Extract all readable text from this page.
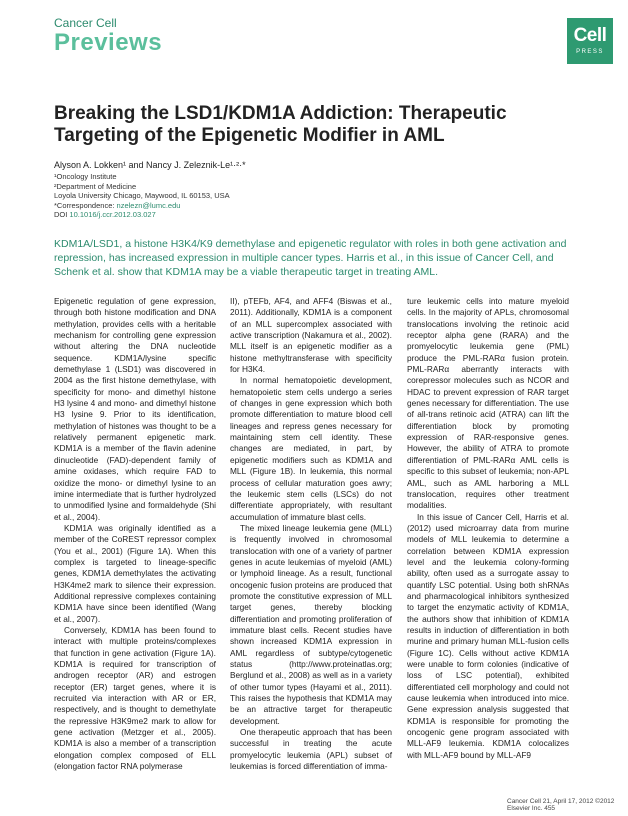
Cancer Cell
Previews	Cell
PRESS
Breaking the LSD1/KDM1A Addiction: Therapeutic Targeting of the Epigenetic Modifier in AML
Alyson A. Lokken¹ and Nancy J. Zeleznik-Le¹·²·*
¹Oncology Institute
²Department of Medicine
Loyola University Chicago, Maywood, IL 60153, USA
*Correspondence: nzelezn@lumc.edu
DOI 10.1016/j.ccr.2012.03.027

KDM1A/LSD1, a histone H3K4/K9 demethylase and epigenetic regulator with roles in both gene activation and repression, has increased expression in multiple cancer types. Harris et al., in this issue of Cancer Cell, and Schenk et al. show that KDM1A may be a viable therapeutic target in treating AML.

Epigenetic regulation of gene expression, through both histone modification and DNA methylation, provides cells with a heritable mechanism for controlling gene expression without altering the DNA nucleotide sequence. KDM1A/lysine specific demethylase 1 (LSD1) was discovered in 2004 as the first histone demethylase, with specificity for mono- and dimethyl histone H3 lysine 4 and mono- and dimethyl histone H3 lysine 9. Prior to its identification, methylation of histones was thought to be a relatively permanent epigenetic mark. KDM1A is a member of the flavin adenine dinucleotide (FAD)-dependent family of amine oxidases, which require FAD to oxidize the mono- or dimethyl lysine to an imine intermediate that is further hydrolyzed to unmodified lysine and formaldehyde (Shi et al., 2004).

KDM1A was originally identified as a member of the CoREST repressor complex (You et al., 2001) (Figure 1A). When this complex is targeted to lineage-specific genes, KDM1A demethylates the activating H3K4me2 mark to silence their expression. Additional repressive complexes containing KDM1A have since been identified (Wang et al., 2007).

Conversely, KDM1A has been found to interact with multiple proteins/complexes that function in gene activation (Figure 1A). KDM1A is required for transcription of androgen receptor (AR) and estrogen receptor (ER) target genes, where it is recruited via interaction with AR or ER, respectively, and is thought to demethylate the repressive H3K9me2 mark to allow for gene activation (Metzger et al., 2005). KDM1A is also a member of a transcription elongation complex composed of ELL (elongation factor RNA polymerase

II), pTEFb, AF4, and AFF4 (Biswas et al., 2011). Additionally, KDM1A is a component of an MLL supercomplex associated with active transcription (Nakamura et al., 2002). MLL itself is an epigenetic modifier as a histone methyltransferase with specificity for H3K4.

In normal hematopoietic development, hematopoietic stem cells undergo a series of changes in gene expression which both promote differentiation to mature blood cell lineages and repress genes necessary for maintaining stem cell identity. These changes are mediated, in part, by epigenetic modifiers such as KDM1A and MLL (Figure 1B). In leukemia, this normal process of cellular maturation goes awry; the leukemic stem cells (LSCs) do not differentiate appropriately, with resultant accumulation of immature blast cells.

The mixed lineage leukemia gene (MLL) is frequently involved in chromosomal translocation with one of a variety of partner genes in acute leukemias of myeloid (AML) or lymphoid lineage. As a result, functional oncogenic fusion proteins are produced that promote the constitutive expression of MLL target genes, thereby blocking differentiation and promoting proliferation of immature blast cells. Recent studies have shown increased KDM1A expression in AML regardless of subtype/cytogenetic status (http://www.proteinatlas.org; Berglund et al., 2008) as well as in a variety of other tumor types (Hayami et al., 2011). This raises the hypothesis that KDM1A may be an attractive target for therapeutic development.

One therapeutic approach that has been successful in treating the acute promyelocytic leukemia (APL) subset of leukemias is forced differentiation of imma-

ture leukemic cells into mature myeloid cells. In the majority of APLs, chromosomal translocations involving the retinoic acid receptor alpha gene (RARA) and the promyelocytic leukemia gene (PML) produce the PML-RARα fusion protein. PML-RARα aberrantly interacts with corepressor molecules such as NCOR and HDAC to prevent expression of RAR target genes necessary for differentiation. The use of all-trans retinoic acid (ATRA) can lift the differentiation block by promoting expression of RAR-responsive genes. However, the ability of ATRA to promote differentiation of PML-RARα AML cells is specific to this subset of leukemia; non-APL AML, such as AML harboring a MLL translocation, requires other treatment modalities.

In this issue of Cancer Cell, Harris et al. (2012) used microarray data from murine models of MLL leukemia to determine a correlation between KDM1A expression level and the leukemia colony-forming ability, often used as a surrogate assay to quantify LSC potential. Using both shRNAs and pharmacological inhibitors synthesized to target the enzymatic activity of KDM1A, the authors show that inhibition of KDM1A results in induction of differentiation in both murine and primary human MLL-fusion cells (Figure 1C). Cells without active KDM1A were unable to form colonies (indicative of loss of LSC potential), exhibited differentiated cell morphology and could not cause leukemia when introduced into mice. Gene expression analysis suggested that KDM1A is responsible for promoting the oncogenic gene program associated with MLL-AF9 leukemia. KDM1A colocalizes with MLL-AF9 bound by MLL-AF9

Cancer Cell 21, April 17, 2012 ©2012 Elsevier Inc. 455
